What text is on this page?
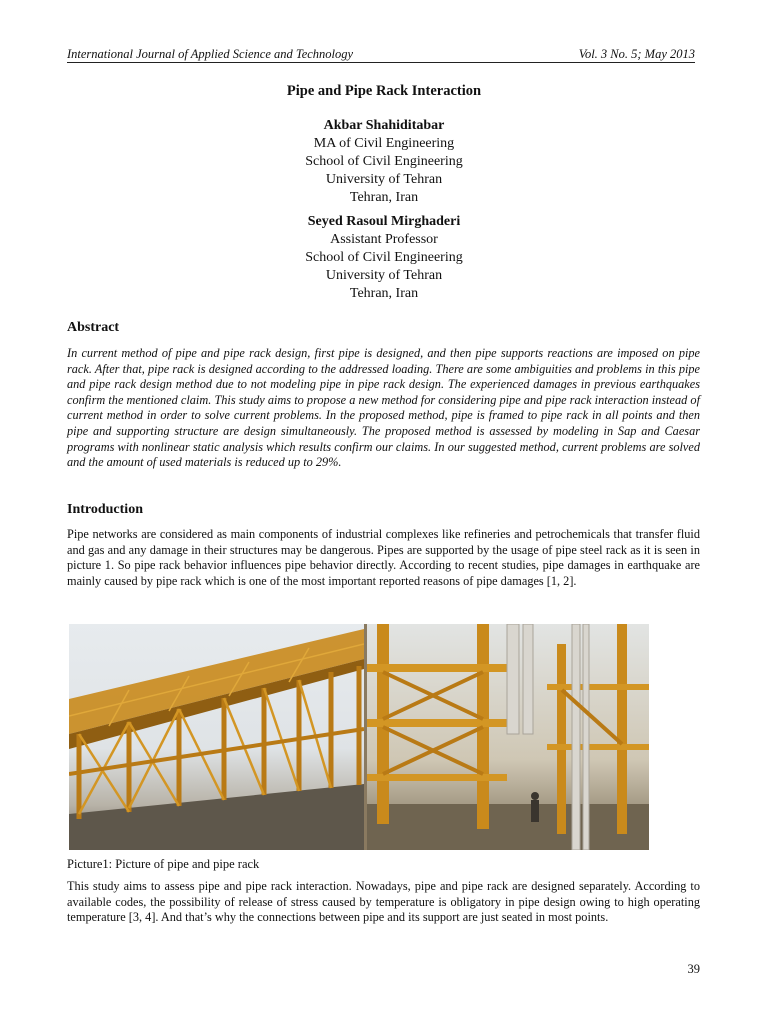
International Journal of Applied Science and Technology	Vol. 3 No. 5; May 2013
Pipe and Pipe Rack Interaction
Akbar Shahiditabar
MA of Civil Engineering
School of Civil Engineering
University of Tehran
Tehran, Iran
Seyed Rasoul Mirghaderi
Assistant Professor
School of Civil Engineering
University of Tehran
Tehran, Iran
Abstract

In current method of pipe and pipe rack design, first pipe is designed, and then pipe supports reactions are imposed on pipe rack. After that, pipe rack is designed according to the addressed loading. There are some ambiguities and problems in this pipe and pipe rack design method due to not modeling pipe in pipe rack design. The experienced damages in previous earthquakes confirm the mentioned claim. This study aims to propose a new method for considering pipe and pipe rack interaction instead of current method in order to solve current problems. In the proposed method, pipe is framed to pipe rack in all points and then pipe and supporting structure are design simultaneously. The proposed method is assessed by modeling in Sap and Caesar programs with nonlinear static analysis which results confirm our claims. In our suggested method, current problems are solved and the amount of used materials is reduced up to 29%.

Introduction

Pipe networks are considered as main components of industrial complexes like refineries and petrochemicals that transfer fluid and gas and any damage in their structures may be dangerous. Pipes are supported by the usage of pipe steel rack as it is seen in picture 1. So pipe rack behavior influences pipe behavior directly. According to recent studies, pipe damages in earthquake are mainly caused by pipe rack which is one of the most important reported reasons of pipe damages [1, 2].

Picture1: Picture of pipe and pipe rack

This study aims to assess pipe and pipe rack interaction. Nowadays, pipe and pipe rack are designed separately. According to available codes, the possibility of release of stress caused by temperature is obligatory in pipe design owing to high operating temperature [3, 4]. And that’s why the connections between pipe and its support are just seated in most points.

39
